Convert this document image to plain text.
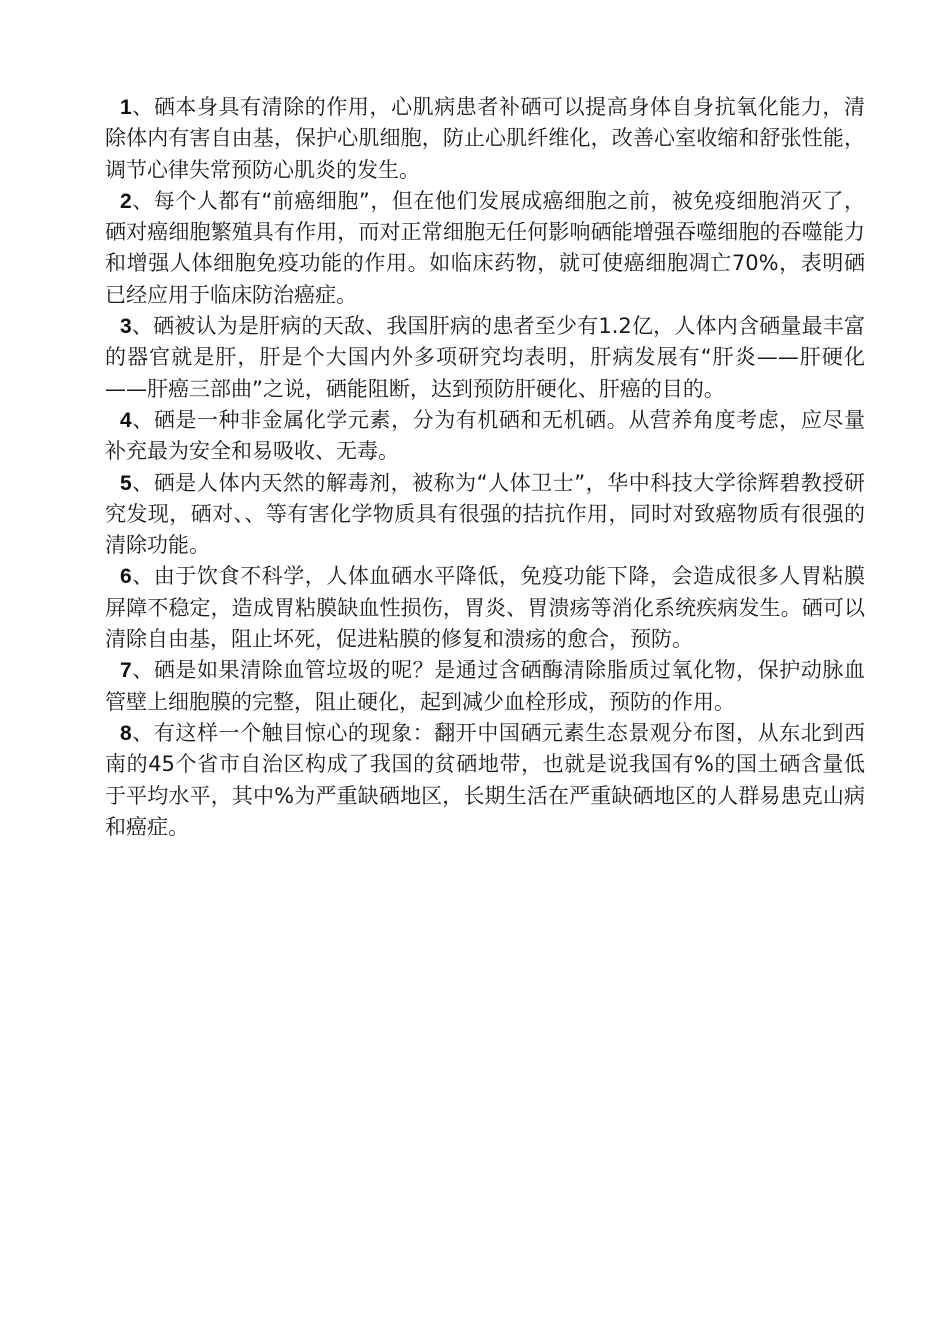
1、硒本身具有清除的作用，心肌病患者补硒可以提高身体自身抗氧化能力，清除体内有害自由基，保护心肌细胞，防止心肌纤维化，改善心室收缩和舒张性能，调节心律失常预防心肌炎的发生。

2、每个人都有“前癌细胞”，但在他们发展成癌细胞之前，被免疫细胞消灭了，硒对癌细胞繁殖具有作用，而对正常细胞无任何影响硒能增强吞噬细胞的吞噬能力和增强人体细胞免疫功能的作用。如临床药物，就可使癌细胞凋亡70%，表明硒已经应用于临床防治癌症。

3、硒被认为是肝病的天敌、我国肝病的患者至少有1.2亿，人体内含硒量最丰富的器官就是肝，肝是个大国内外多项研究均表明，肝病发展有“肝炎——肝硬化——肝癌三部曲”之说，硒能阻断，达到预防肝硬化、肝癌的目的。

4、硒是一种非金属化学元素，分为有机硒和无机硒。从营养角度考虑，应尽量补充最为安全和易吸收、无毒。

5、硒是人体内天然的解毒剂，被称为“人体卫士”，华中科技大学徐辉碧教授研究发现，硒对、、等有害化学物质具有很强的拮抗作用，同时对致癌物质有很强的清除功能。

6、由于饮食不科学，人体血硒水平降低，免疫功能下降，会造成很多人胃粘膜屏障不稳定，造成胃粘膜缺血性损伤，胃炎、胃溃疡等消化系统疾病发生。硒可以清除自由基，阻止坏死，促进粘膜的修复和溃疡的愈合，预防。

7、硒是如果清除血管垃圾的呢？是通过含硒酶清除脂质过氧化物，保护动脉血管壁上细胞膜的完整，阻止硬化，起到减少血栓形成，预防的作用。

8、有这样一个触目惊心的现象：翻开中国硒元素生态景观分布图，从东北到西南的45个省市自治区构成了我国的贫硒地带，也就是说我国有%的国土硒含量低于平均水平，其中%为严重缺硒地区，长期生活在严重缺硒地区的人群易患克山病和癌症。
